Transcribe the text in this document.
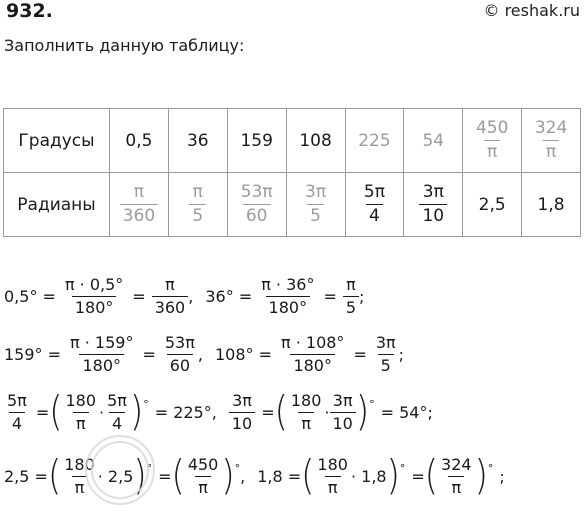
932.	© reshak.ru
Заполнить данную таблицу:
Градусы	0,5	36	159	108	225	54	$\frac{450}{\pi}$	$\frac{324}{\pi}$

Радианы	$\frac{\pi}{360}$	$\frac{\pi}{5}$	$\frac{53\pi}{60}$	$\frac{3\pi}{5}$	$\frac{5\pi}{4}$	$\frac{3\pi}{10}$	2,5	1,8
$0,5^\circ = \frac{\pi \cdot 0,5^\circ}{180^\circ} = \frac{\pi}{360}$ , $36^\circ = \frac{\pi \cdot 36^\circ}{180^\circ} = \frac{\pi}{5}$ ;
$159^\circ = \frac{\pi \cdot 159^\circ}{180^\circ} = \frac{53\pi}{60}$ , $108^\circ = \frac{\pi \cdot 108^\circ}{180^\circ} = \frac{3\pi}{5}$ ;
$\frac{5\pi}{4}$ = ( $\frac{180}{\pi} \cdot \frac{5\pi}{4}$ ) ° = 225°, $\frac{3\pi}{10}$ = ( $\frac{180}{\pi} \cdot \frac{3\pi}{10}$ ) ° = 54°;
2,5 = ( $\frac{180}{\pi} \cdot 2,5$ ) ° = ( $\frac{450}{\pi}$ ) ° , 1,8 = ( $\frac{180}{\pi} \cdot 1,8$ ) ° = ( $\frac{324}{\pi}$ ) ° ;
